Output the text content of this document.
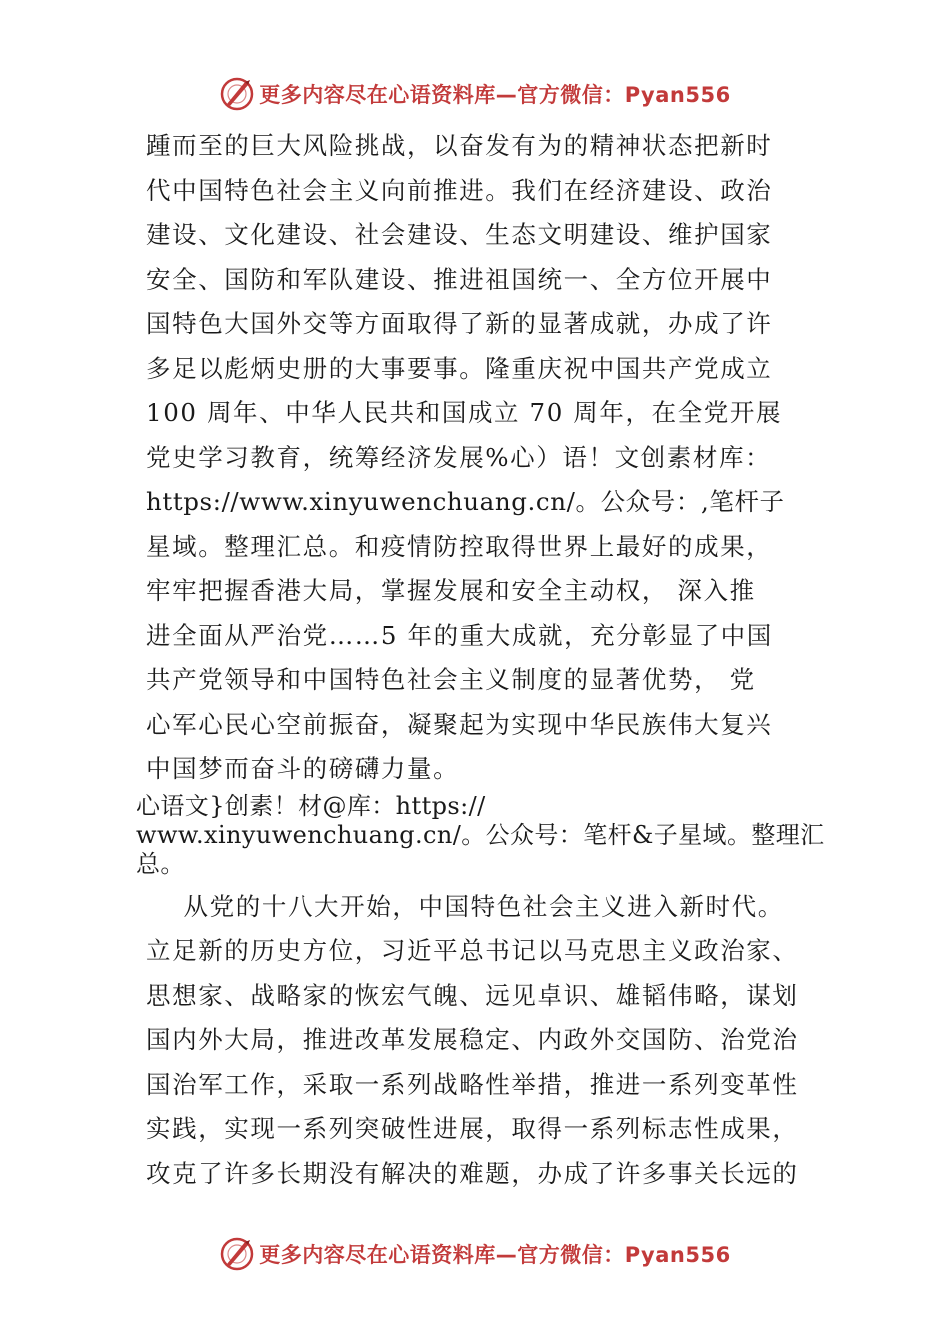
更多内容尽在心语资料库—官方微信：Pyan556
踵而至的巨大风险挑战，以奋发有为的精神状态把新时
代中国特色社会主义向前推进。我们在经济建设、政治
建设、文化建设、社会建设、生态文明建设、维护国家
安全、国防和军队建设、推进祖国统一、全方位开展中
国特色大国外交等方面取得了新的显著成就，办成了许
多足以彪炳史册的大事要事。隆重庆祝中国共产党成立
100 周年、中华人民共和国成立 70 周年，在全党开展
党史学习教育，统筹经济发展%心）语！文创素材库：
https://www.xinyuwenchuang.cn/。公众号：,笔杆子
星域。整理汇总。和疫情防控取得世界上最好的成果，
牢牢把握香港大局，掌握发展和安全主动权， 深入推
进全面从严治党……5 年的重大成就，充分彰显了中国
共产党领导和中国特色社会主义制度的显著优势， 党
心军心民心空前振奋，凝聚起为实现中华民族伟大复兴
中国梦而奋斗的磅礴力量。
心语文}创素！材@库：https://
www.xinyuwenchuang.cn/。公众号：笔杆&子星域。整理汇
总。
从党的十八大开始，中国特色社会主义进入新时代。
立足新的历史方位，习近平总书记以马克思主义政治家、
思想家、战略家的恢宏气魄、远见卓识、雄韬伟略，谋划
国内外大局，推进改革发展稳定、内政外交国防、治党治
国治军工作，采取一系列战略性举措，推进一系列变革性
实践，实现一系列突破性进展，取得一系列标志性成果，
攻克了许多长期没有解决的难题，办成了许多事关长远的
更多内容尽在心语资料库—官方微信：Pyan556
